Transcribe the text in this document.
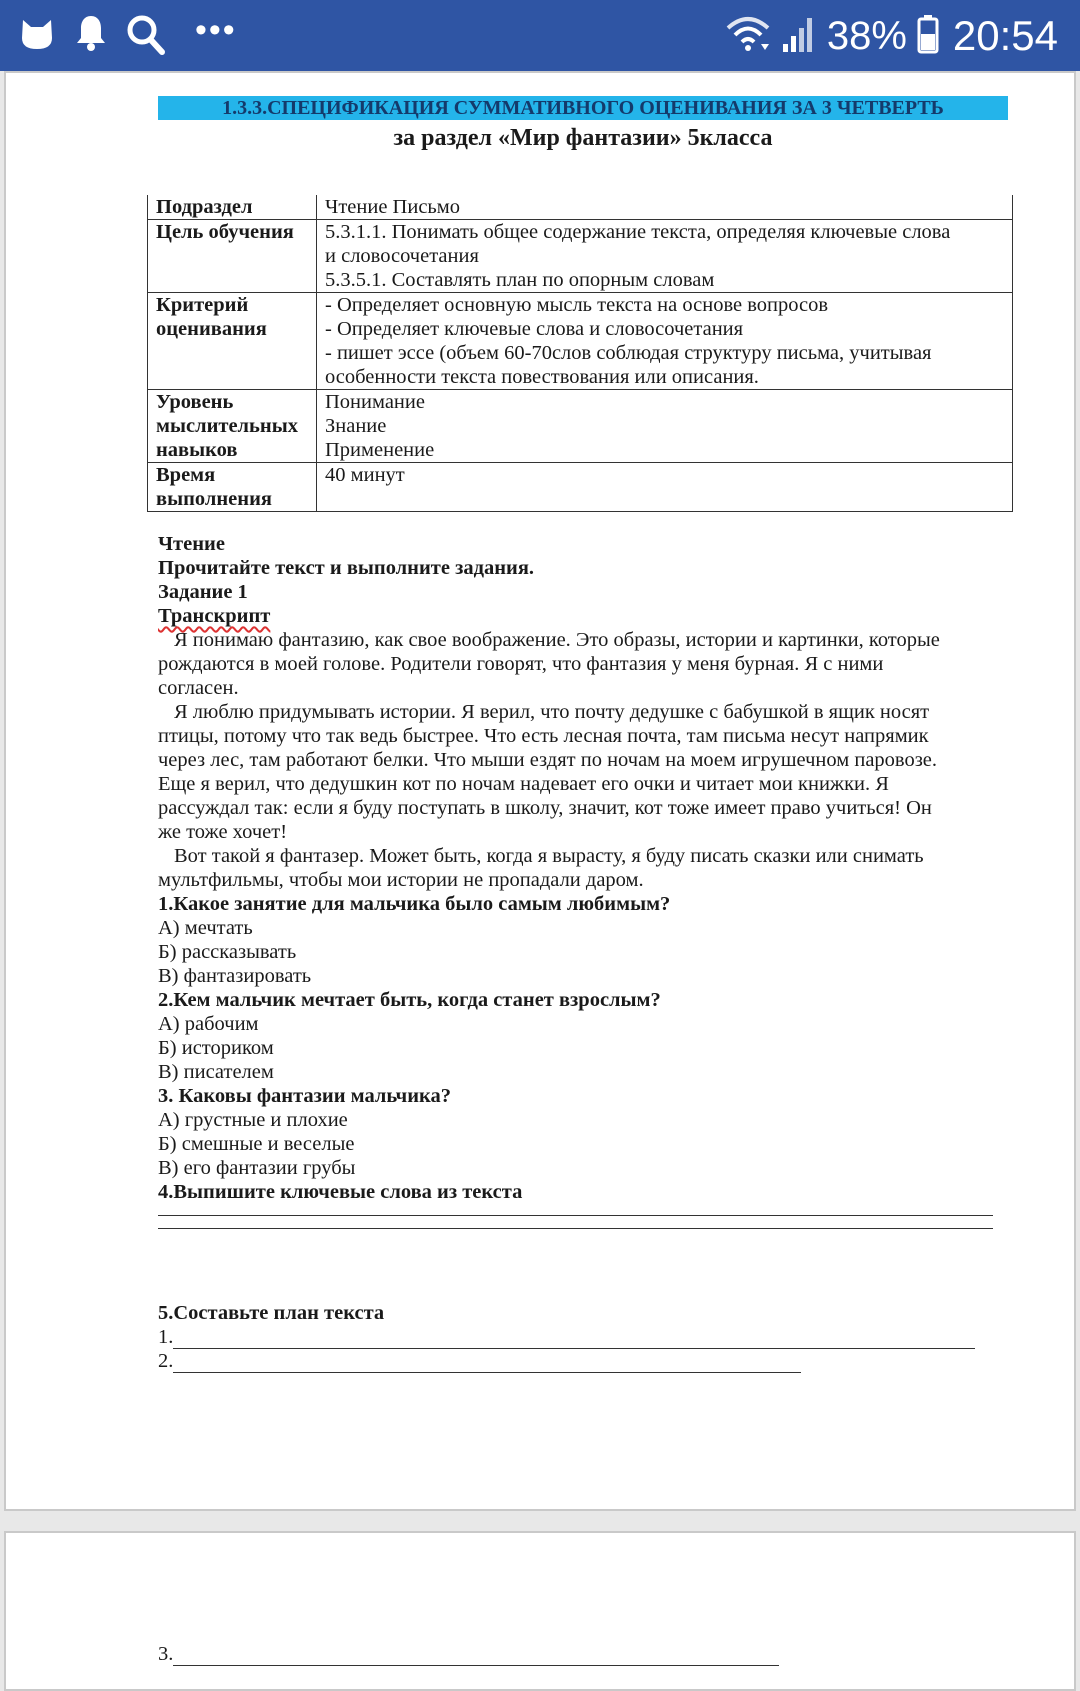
•••	38% 20:54
1.3.3.СПЕЦИФИКАЦИЯ СУММАТИВНОГО ОЦЕНИВАНИЯ ЗА 3 ЧЕТВЕРТЬ
за раздел «Мир фантазии» 5класса
Подраздел	Чтение Письмо

Цель обучения	5.3.1.1. Понимать общее содержание текста, определяя ключевые слова
и словосочетания
5.3.5.1. Составлять план по опорным словам

Критерий оценивания	- Определяет основную мысль текста на основе вопросов
- Определяет ключевые слова и словосочетания
- пишет эссе (объем 60-70слов соблюдая структуру письма, учитывая
особенности текста повествования или описания.

Уровень мыслительных навыков	Понимание
Знание
Применение

Время выполнения	40 минут
Чтение
Прочитайте текст и выполните задания.
Задание 1
Транскрипт
Я понимаю фантазию, как свое воображение. Это образы, истории и картинки, которые
рождаются в моей голове. Родители говорят, что фантазия у меня бурная. Я с ними
согласен.
Я люблю придумывать истории. Я верил, что почту дедушке с бабушкой в ящик носят
птицы, потому что так ведь быстрее. Что есть лесная почта, там письма несут напрямик
через лес, там работают белки. Что мыши ездят по ночам на моем игрушечном паровозе.
Еще я верил, что дедушкин кот по ночам надевает его очки и читает мои книжки. Я
рассуждал так: если я буду поступать в школу, значит, кот тоже имеет право учиться! Он
же тоже хочет!
Вот такой я фантазер. Может быть, когда я вырасту, я буду писать сказки или снимать
мультфильмы, чтобы мои истории не пропадали даром.
1.Какое занятие для мальчика было самым любимым?
А) мечтать
Б) рассказывать
В) фантазировать
2.Кем мальчик мечтает быть, когда станет взрослым?
А) рабочим
Б) историком
В) писателем
3. Каковы фантазии мальчика?
А) грустные и плохие
Б) смешные и веселые
В) его фантазии грубы
4.Выпишите ключевые слова из текста
5.Составьте план текста
1.
2.
3.
